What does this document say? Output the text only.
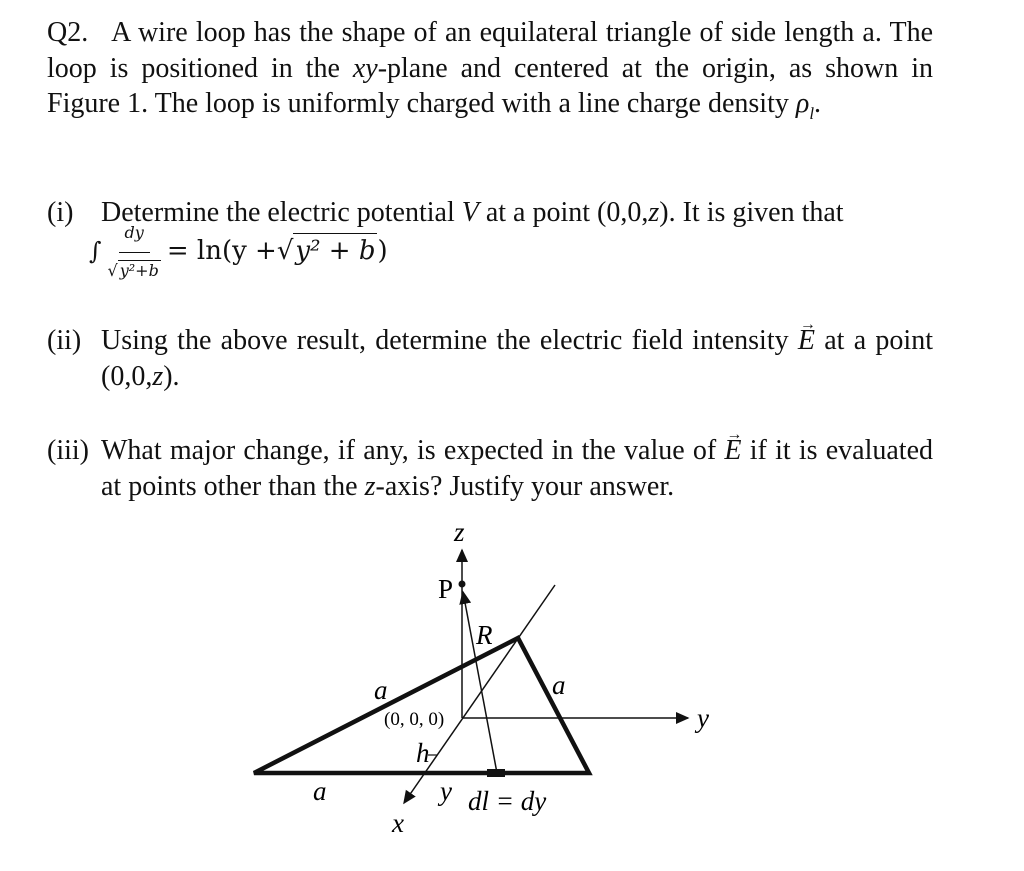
Q2. A wire loop has the shape of an equilateral triangle of side length a. The loop is positioned in the xy-plane and centered at the origin, as shown in Figure 1. The loop is uniformly charged with a line charge density $\rho_l$.
(i) Determine the electric potential V at a point (0,0,z). It is given that
∫ $\frac{dy}{\text{√ y²+b}} = \ln(y$ + √ y² + b )
(ii) Using the above result, determine the electric field intensity → E at a point (0,0,z).
(iii) What major change, if any, is expected in the value of → E if it is evaluated at points other than the z-axis? Justify your answer.
z
y
x
P
R
a	a
a
(0, 0, 0)
h
y dl = dy
